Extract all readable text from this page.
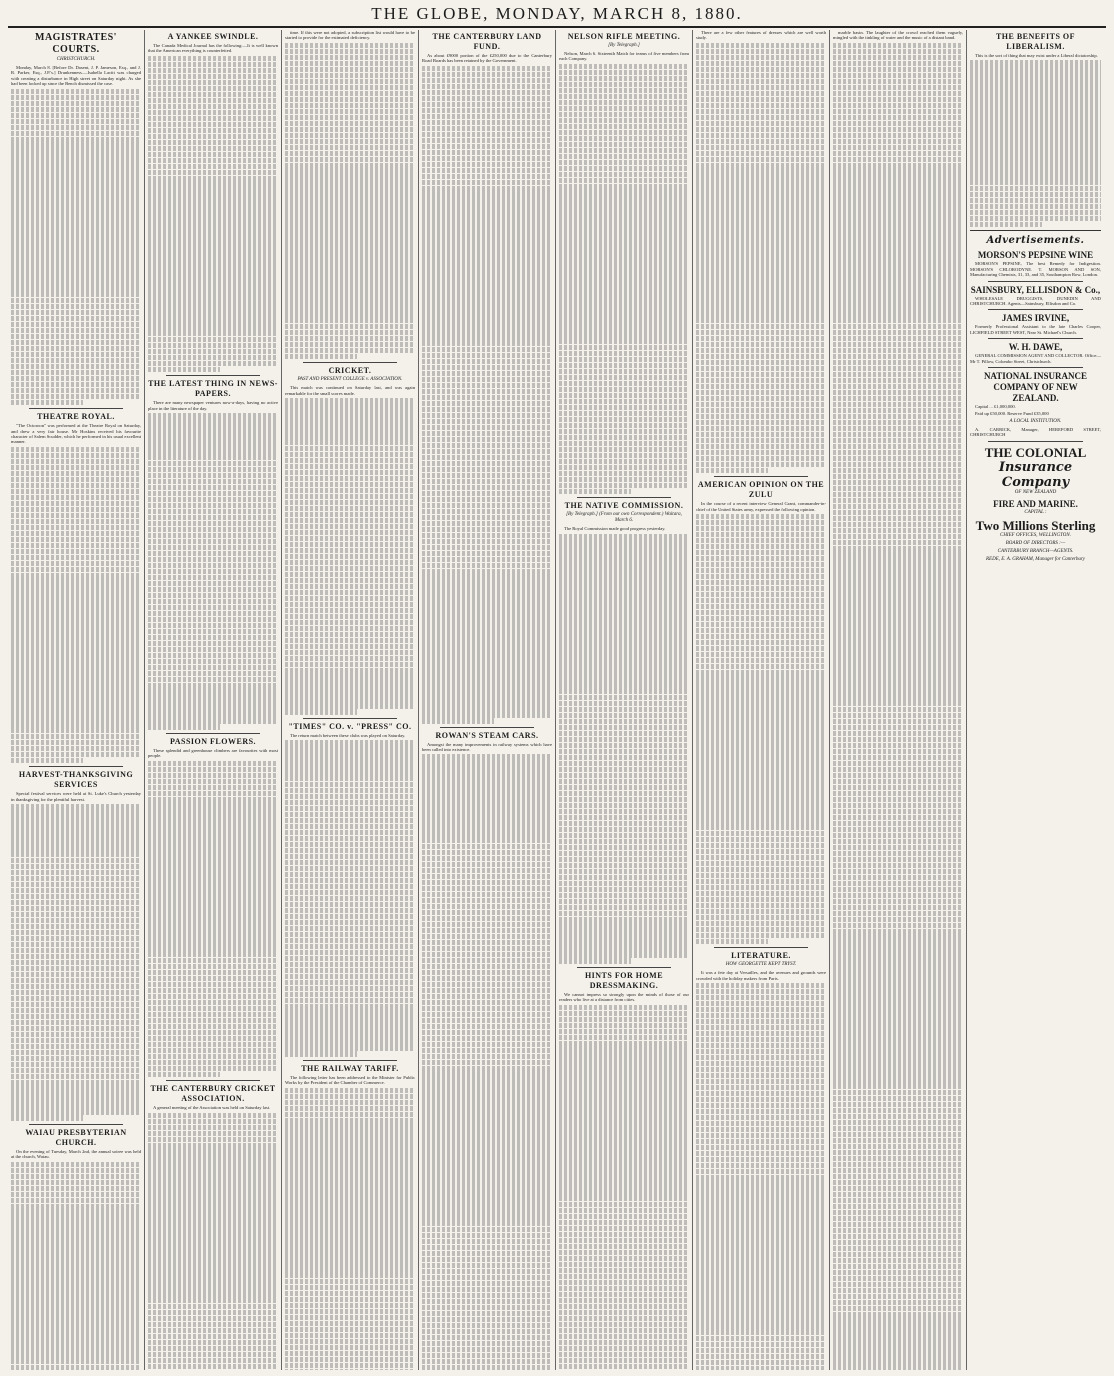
THE GLOBE, MONDAY, MARCH 8, 1880.
MAGISTRATES' COURTS.
CHRISTCHURCH.
Monday, March 8. [Before Dr. Dasent, J. P. Jameson, Esq., and J. R. Parker, Esq., J.P.'s.] Drunkenness.—Isabella Lacitt was charged with creating a disturbance in High street on Saturday night. As she had been locked up since the Bench dismissed the case.
THEATRE ROYAL.
"The Octoroon" was performed at the Theatre Royal on Saturday, and drew a very fair house. Mr Hoskins received his favourite character of Salem Scudder, which he performed in his usual excellent manner.
HARVEST-THANKSGIVING SERVICES
Special festival services were held at St. Luke's Church yesterday in thanksgiving for the plentiful harvest.
WAIAU PRESBYTERIAN CHURCH.
On the evening of Tuesday, March 2nd, the annual soiree was held at the church, Waiau.
A YANKEE SWINDLE.
The Canada Medical Journal has the following:—It is well known that the American everything is counterfeited.
THE LATEST THING IN NEWS-PAPERS.
There are many newspaper ventures now-a-days, having no active place in the literature of the day.
PASSION FLOWERS.
These splendid and greenhouse climbers are favourites with most people.
THE CANTERBURY CRICKET ASSOCIATION.
A general meeting of the Association was held on Saturday last.
time. If this were not adopted, a subscription list would have to be started to provide for the estimated deficiency.
CRICKET.
PAST AND PRESENT COLLEGE v. ASSOCIATION.
This match was continued on Saturday last, and was again remarkable for the small scores made.
"TIMES" CO. v. "PRESS" CO.
The return match between these clubs was played on Saturday.
THE RAILWAY TARIFF.
The following letter has been addressed to the Minister for Public Works by the President of the Chamber of Commerce.
THE CANTERBURY LAND FUND.
As about £9000 portion of the £250,000 due to the Canterbury Road Boards has been retained by the Government.
ROWAN'S STEAM CARS.
Amongst the many improvements in railway systems which have been called into existence.
NELSON RIFLE MEETING.
[By Telegraph.]
Nelson, March 6. Sixteenth Match for teams of five members from each Company.
THE NATIVE COMMISSION.
[By Telegraph.] (From our own Correspondent.) Waitara, March 6.
The Royal Commission made good progress yesterday.
HINTS FOR HOME DRESSMAKING.
We cannot impress so strongly upon the minds of those of our readers who live at a distance from cities.
There are a few other features of dresses which are well worth study.
AMERICAN OPINION ON THE ZULU
In the course of a recent interview General Grant, commander-in-chief of the United States army, expressed the following opinion.
LITERATURE.
HOW GEORGETTE KEPT TRYST.
It was a fete day at Versailles, and the avenues and grounds were crowded with the holiday makers from Paris.
marble basin. The laughter of the crowd reached them vaguely, mingled with the tinkling of water and the music of a distant band.	THE BENEFITS OF LIBERALISM.
This is the sort of thing that may exist under a Liberal dictatorship.
Advertisements.
MORSON'S PEPSINE WINE
MORSON'S PEPSINE, The best Remedy for Indigestion. MORSON'S CHLORODYNE. T. MORSON AND SON, Manufacturing Chemists, 31, 33, and 35, Southampton Row, London.
SAINSBURY, ELLISDON & Co.,
WHOLESALE DRUGGISTS, DUNEDIN AND CHRISTCHURCH. Agents—Sainsbury, Ellisdon and Co.
JAMES IRVINE,
Formerly Professional Assistant to the late Charles Cooper, LICHFIELD STREET WEST, Near St. Michael's Church.
W. H. DAWE,
GENERAL COMMISSION AGENT AND COLLECTOR. Office—Mr T. Pillow, Colombo Street, Christchurch.
NATIONAL INSURANCE COMPANY OF NEW ZEALAND.
Capital ... £1,000,000.
Paid up £50,000. Reserve Fund £35,000
A LOCAL INSTITUTION.
A. CARRICK, Manager, HEREFORD STREET, CHRISTCHURCH
THE COLONIAL
Insurance Company
OF NEW ZEALAND
FIRE AND MARINE.
CAPITAL :
Two Millions Sterling
CHIEF OFFICES, WELLINGTON.
BOARD OF DIRECTORS :—
CANTERBURY BRANCH—AGENTS.
REDE, E. A. GRAHAM, Manager for Canterbury
